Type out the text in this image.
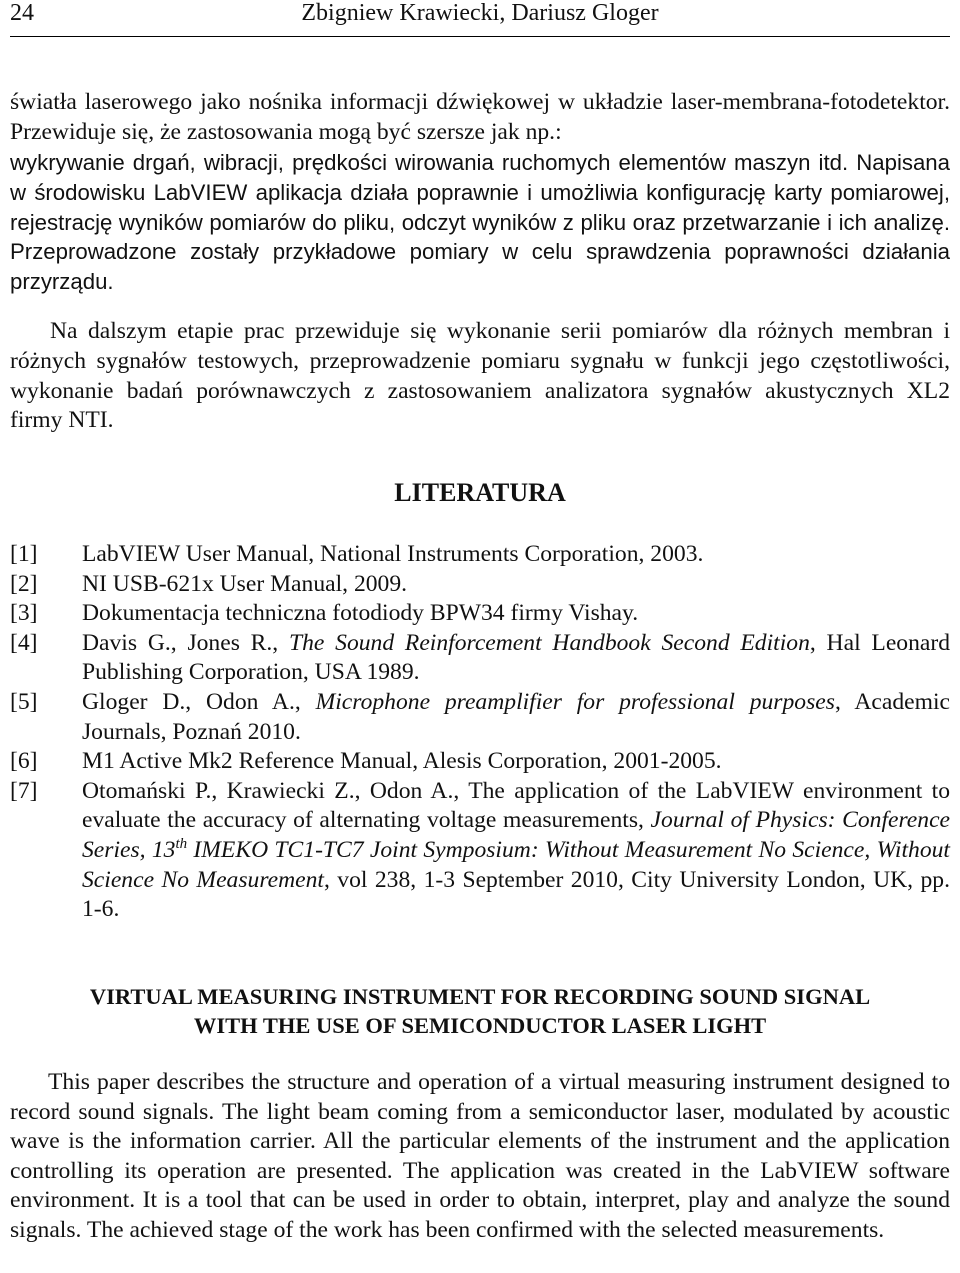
24	Zbigniew Krawiecki, Dariusz Gloger

światła laserowego jako nośnika informacji dźwiękowej w układzie laser-membrana-fotodetektor. Przewiduje się, że zastosowania mogą być szersze jak np.:

wykrywanie drgań, wibracji, prędkości wirowania ruchomych elementów maszyn itd. Napisana w środowisku LabVIEW aplikacja działa poprawnie i umożliwia konfigurację karty pomiarowej, rejestrację wyników pomiarów do pliku, odczyt wyników z pliku oraz przetwarzanie i ich analizę. Przeprowadzone zostały przykładowe pomiary w celu sprawdzenia poprawności działania przyrządu.

Na dalszym etapie prac przewiduje się wykonanie serii pomiarów dla różnych membran i różnych sygnałów testowych, przeprowadzenie pomiaru sygnału w funkcji jego częstotliwości, wykonanie badań porównawczych z zastosowaniem analizatora sygnałów akustycznych XL2 firmy NTI.

LITERATURA
[1] LabVIEW User Manual, National Instruments Corporation, 2003.
[2] NI USB-621x User Manual, 2009.
[3] Dokumentacja techniczna fotodiody BPW34 firmy Vishay.
[4] Davis G., Jones R., The Sound Reinforcement Handbook Second Edition, Hal Leonard Publishing Corporation, USA 1989.
[5] Gloger D., Odon A., Microphone preamplifier for professional purposes, Academic Journals, Poznań 2010.
[6] M1 Active Mk2 Reference Manual, Alesis Corporation, 2001-2005.
[7] Otomański P., Krawiecki Z., Odon A., The application of the LabVIEW environment to evaluate the accuracy of alternating voltage measurements, Journal of Physics: Conference Series, 13th IMEKO TC1-TC7 Joint Symposium: Without Measurement No Science, Without Science No Measurement, vol 238, 1-3 September 2010, City University London, UK, pp. 1-6.
VIRTUAL MEASURING INSTRUMENT FOR RECORDING SOUND SIGNAL
WITH THE USE OF SEMICONDUCTOR LASER LIGHT

This paper describes the structure and operation of a virtual measuring instrument designed to record sound signals. The light beam coming from a semiconductor laser, modulated by acoustic wave is the information carrier. All the particular elements of the instrument and the application controlling its operation are presented. The application was created in the LabVIEW software environment. It is a tool that can be used in order to obtain, interpret, play and analyze the sound signals. The achieved stage of the work has been confirmed with the selected measurements.
